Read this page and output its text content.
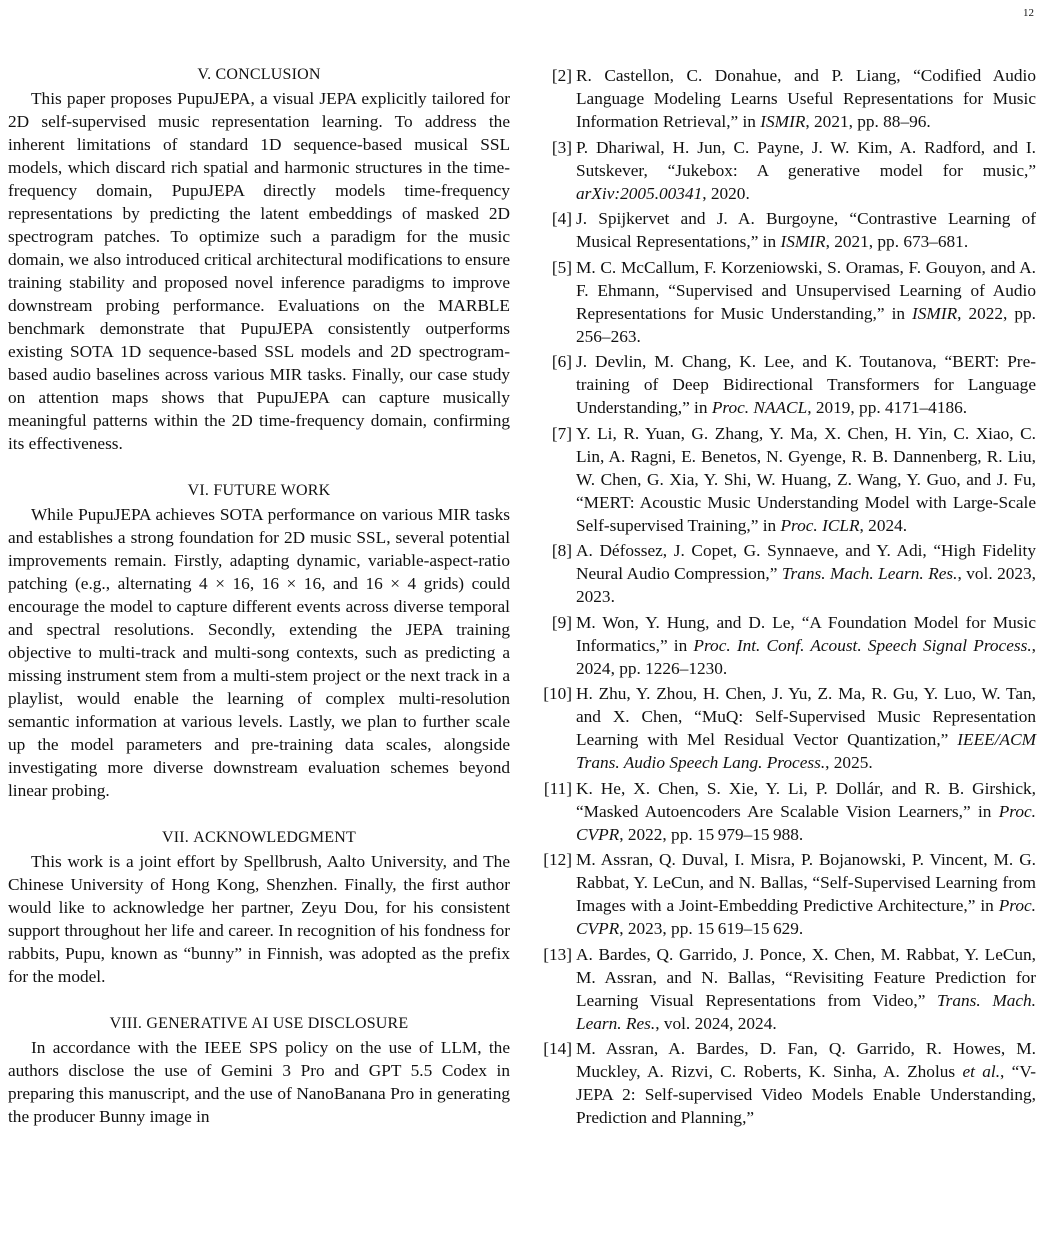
12
V. CONCLUSION

This paper proposes PupuJEPA, a visual JEPA explicitly tailored for 2D self-supervised music representation learning. To address the inherent limitations of standard 1D sequence-based musical SSL models, which discard rich spatial and harmonic structures in the time-frequency domain, PupuJEPA directly models time-frequency representations by predicting the latent embeddings of masked 2D spectrogram patches. To optimize such a paradigm for the music domain, we also introduced critical architectural modifications to ensure training stability and proposed novel inference paradigms to improve downstream probing performance. Evaluations on the MARBLE benchmark demonstrate that PupuJEPA consistently outperforms existing SOTA 1D sequence-based SSL models and 2D spectrogram-based audio baselines across various MIR tasks. Finally, our case study on attention maps shows that PupuJEPA can capture musically meaningful patterns within the 2D time-frequency domain, confirming its effectiveness.

VI. FUTURE WORK

While PupuJEPA achieves SOTA performance on various MIR tasks and establishes a strong foundation for 2D music SSL, several potential improvements remain. Firstly, adapting dynamic, variable-aspect-ratio patching (e.g., alternating 4 × 16, 16 × 16, and 16 × 4 grids) could encourage the model to capture different events across diverse temporal and spectral resolutions. Secondly, extending the JEPA training objective to multi-track and multi-song contexts, such as predicting a missing instrument stem from a multi-stem project or the next track in a playlist, would enable the learning of complex multi-resolution semantic information at various levels. Lastly, we plan to further scale up the model parameters and pre-training data scales, alongside investigating more diverse downstream evaluation schemes beyond linear probing.

VII. ACKNOWLEDGMENT

This work is a joint effort by Spellbrush, Aalto University, and The Chinese University of Hong Kong, Shenzhen. Finally, the first author would like to acknowledge her partner, Zeyu Dou, for his consistent support throughout her life and career. In recognition of his fondness for rabbits, Pupu, known as “bunny” in Finnish, was adopted as the prefix for the model.

VIII. GENERATIVE AI USE DISCLOSURE

In accordance with the IEEE SPS policy on the use of LLM, the authors disclose the use of Gemini 3 Pro and GPT 5.5 Codex in preparing this manuscript, and the use of NanoBanana Pro in generating the producer Bunny image in

[2] R. Castellon, C. Donahue, and P. Liang, “Codified Audio Language Modeling Learns Useful Representations for Music Information Retrieval,” in ISMIR, 2021, pp. 88–96.
[3] P. Dhariwal, H. Jun, C. Payne, J. W. Kim, A. Radford, and I. Sutskever, “Jukebox: A generative model for music,” arXiv:2005.00341, 2020.
[4] J. Spijkervet and J. A. Burgoyne, “Contrastive Learning of Musical Representations,” in ISMIR, 2021, pp. 673–681.
[5] M. C. McCallum, F. Korzeniowski, S. Oramas, F. Gouyon, and A. F. Ehmann, “Supervised and Unsupervised Learning of Audio Representations for Music Understanding,” in ISMIR, 2022, pp. 256–263.
[6] J. Devlin, M. Chang, K. Lee, and K. Toutanova, “BERT: Pre-training of Deep Bidirectional Transformers for Language Understanding,” in Proc. NAACL, 2019, pp. 4171–4186.
[7] Y. Li, R. Yuan, G. Zhang, Y. Ma, X. Chen, H. Yin, C. Xiao, C. Lin, A. Ragni, E. Benetos, N. Gyenge, R. B. Dannenberg, R. Liu, W. Chen, G. Xia, Y. Shi, W. Huang, Z. Wang, Y. Guo, and J. Fu, “MERT: Acoustic Music Understanding Model with Large-Scale Self-supervised Training,” in Proc. ICLR, 2024.
[8] A. Défossez, J. Copet, G. Synnaeve, and Y. Adi, “High Fidelity Neural Audio Compression,” Trans. Mach. Learn. Res., vol. 2023, 2023.
[9] M. Won, Y. Hung, and D. Le, “A Foundation Model for Music Informatics,” in Proc. Int. Conf. Acoust. Speech Signal Process., 2024, pp. 1226–1230.
[10] H. Zhu, Y. Zhou, H. Chen, J. Yu, Z. Ma, R. Gu, Y. Luo, W. Tan, and X. Chen, “MuQ: Self-Supervised Music Representation Learning with Mel Residual Vector Quantization,” IEEE/ACM Trans. Audio Speech Lang. Process., 2025.
[11] K. He, X. Chen, S. Xie, Y. Li, P. Dollár, and R. B. Girshick, “Masked Autoencoders Are Scalable Vision Learners,” in Proc. CVPR, 2022, pp. 15 979–15 988.
[12] M. Assran, Q. Duval, I. Misra, P. Bojanowski, P. Vincent, M. G. Rabbat, Y. LeCun, and N. Ballas, “Self-Supervised Learning from Images with a Joint-Embedding Predictive Architecture,” in Proc. CVPR, 2023, pp. 15 619–15 629.
[13] A. Bardes, Q. Garrido, J. Ponce, X. Chen, M. Rabbat, Y. LeCun, M. Assran, and N. Ballas, “Revisiting Feature Prediction for Learning Visual Representations from Video,” Trans. Mach. Learn. Res., vol. 2024, 2024.
[14] M. Assran, A. Bardes, D. Fan, Q. Garrido, R. Howes, M. Muckley, A. Rizvi, C. Roberts, K. Sinha, A. Zholus et al., “V-JEPA 2: Self-supervised Video Models Enable Understanding, Prediction and Planning,”
